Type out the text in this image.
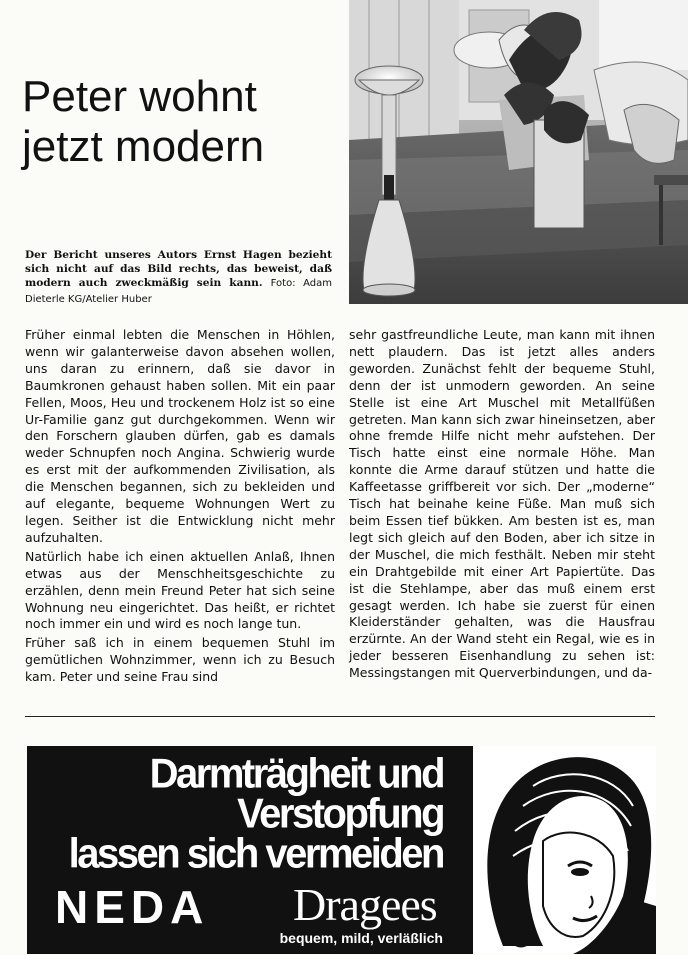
Peter wohnt
jetzt modern

Der Bericht unseres Autors Ernst Hagen bezieht sich nicht auf das Bild rechts, das beweist, daß modern auch zweckmäßig sein kann. Foto: Adam Dieterle KG/Atelier Huber

Früher einmal lebten die Menschen in Höhlen, wenn wir galanterweise davon absehen wollen, uns daran zu erinnern, daß sie davor in Baumkronen gehaust haben sollen. Mit ein paar Fellen, Moos, Heu und trockenem Holz ist so eine Ur-Familie ganz gut durchgekommen. Wenn wir den Forschern glauben dürfen, gab es damals weder Schnupfen noch Angina. Schwierig wurde es erst mit der aufkommenden Zivilisation, als die Menschen begannen, sich zu bekleiden und auf elegante, bequeme Wohnungen Wert zu legen. Seither ist die Entwicklung nicht mehr aufzuhalten.

Natürlich habe ich einen aktuellen Anlaß, Ihnen etwas aus der Menschheitsgeschichte zu erzählen, denn mein Freund Peter hat sich seine Wohnung neu eingerichtet. Das heißt, er richtet noch immer ein und wird es noch lange tun.

Früher saß ich in einem bequemen Stuhl im gemütlichen Wohnzimmer, wenn ich zu Besuch kam. Peter und seine Frau sind

sehr gastfreundliche Leute, man kann mit ihnen nett plaudern. Das ist jetzt alles anders geworden. Zunächst fehlt der bequeme Stuhl, denn der ist unmodern geworden. An seine Stelle ist eine Art Muschel mit Metallfüßen getreten. Man kann sich zwar hineinsetzen, aber ohne fremde Hilfe nicht mehr aufstehen. Der Tisch hatte einst eine normale Höhe. Man konnte die Arme darauf stützen und hatte die Kaffeetasse griffbereit vor sich. Der „moderne“ Tisch hat beinahe keine Füße. Man muß sich beim Essen tief bükken. Am besten ist es, man legt sich gleich auf den Boden, aber ich sitze in der Muschel, die mich festhält. Neben mir steht ein Drahtgebilde mit einer Art Papiertüte. Das ist die Stehlampe, aber das muß einem erst gesagt werden. Ich habe sie zuerst für einen Kleiderständer gehalten, was die Hausfrau erzürnte. An der Wand steht ein Regal, wie es in jeder besseren Eisenhandlung zu sehen ist: Messingstangen mit Querverbindungen, und da-

Darmträgheit und

Verstopfung

lassen sich vermeiden

NEDA Dragees

bequem, mild, verläßlich
